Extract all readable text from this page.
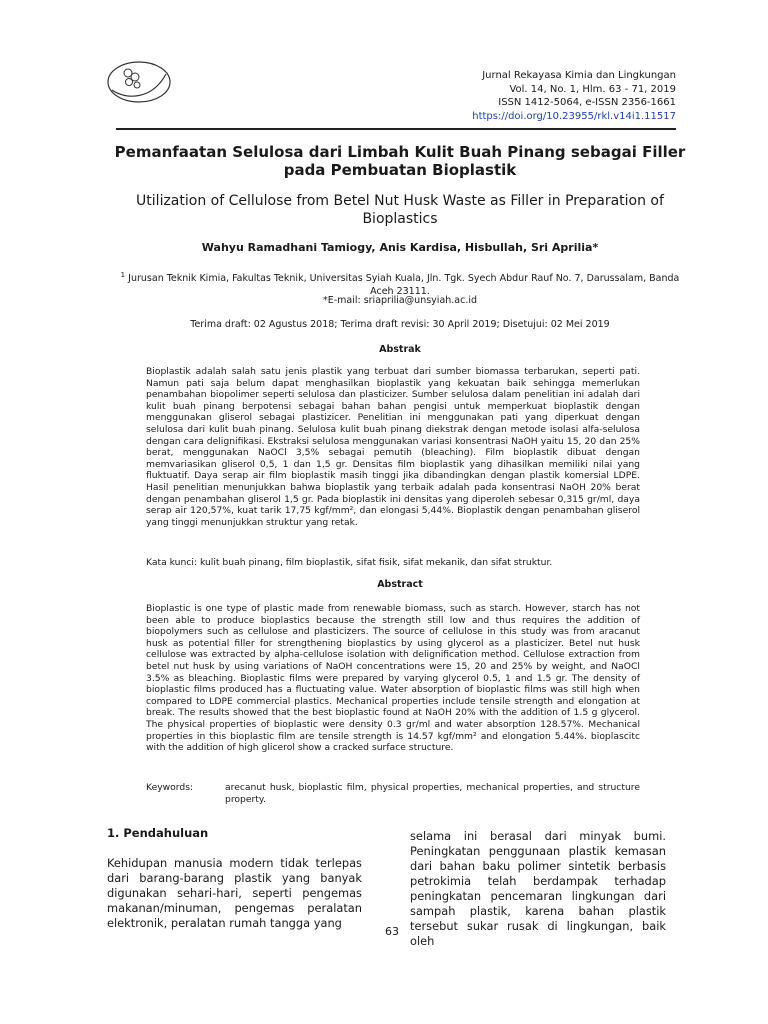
Jurnal Rekayasa Kimia dan Lingkungan
Vol. 14, No. 1, Hlm. 63 - 71, 2019
ISSN 1412-5064, e-ISSN 2356-1661
https://doi.org/10.23955/rkl.v14i1.11517
Pemanfaatan Selulosa dari Limbah Kulit Buah Pinang sebagai Filler pada Pembuatan Bioplastik
Utilization of Cellulose from Betel Nut Husk Waste as Filler in Preparation of Bioplastics
Wahyu Ramadhani Tamiogy, Anis Kardisa, Hisbullah, Sri Aprilia*
$^1$ Jurusan Teknik Kimia, Fakultas Teknik, Universitas Syiah Kuala, Jln. Tgk. Syech Abdur Rauf No. 7, Darussalam, Banda Aceh 23111.
*E-mail: sriaprilia@unsyiah.ac.id
Terima draft: 02 Agustus 2018; Terima draft revisi: 30 April 2019; Disetujui: 02 Mei 2019
Abstrak
Bioplastik adalah salah satu jenis plastik yang terbuat dari sumber biomassa terbarukan, seperti pati. Namun pati saja belum dapat menghasilkan bioplastik yang kekuatan baik sehingga memerlukan penambahan biopolimer seperti selulosa dan plasticizer. Sumber selulosa dalam penelitian ini adalah dari kulit buah pinang berpotensi sebagai bahan bahan pengisi untuk memperkuat bioplastik dengan menggunakan gliserol sebagai plastizicer. Penelitian ini menggunakan pati yang diperkuat dengan selulosa dari kulit buah pinang. Selulosa kulit buah pinang diekstrak dengan metode isolasi alfa-selulosa dengan cara delignifikasi. Ekstraksi selulosa menggunakan variasi konsentrasi NaOH yaitu 15, 20 dan 25% berat, menggunakan NaOCl 3,5% sebagai pemutih (bleaching). Film bioplastik dibuat dengan memvariasikan gliserol 0,5, 1 dan 1,5 gr. Densitas film bioplastik yang dihasilkan memiliki nilai yang fluktuatif. Daya serap air film bioplastik masih tinggi jika dibandingkan dengan plastik komersial LDPE. Hasil penelitian menunjukkan bahwa bioplastik yang terbaik adalah pada konsentrasi NaOH 20% berat dengan penambahan gliserol 1,5 gr. Pada bioplastik ini densitas yang diperoleh sebesar 0,315 gr/ml, daya serap air 120,57%, kuat tarik 17,75 kgf/mm², dan elongasi 5,44%. Bioplastik dengan penambahan gliserol yang tinggi menunjukkan struktur yang retak.
Kata kunci: kulit buah pinang, film bioplastik, sifat fisik, sifat mekanik, dan sifat struktur.
Abstract
Bioplastic is one type of plastic made from renewable biomass, such as starch. However, starch has not been able to produce bioplastics because the strength still low and thus requires the addition of biopolymers such as cellulose and plasticizers. The source of cellulose in this study was from aracanut husk as potential filler for strengthening bioplastics by using glycerol as a plasticizer. Betel nut husk cellulose was extracted by alpha-cellulose isolation with delignification method. Cellulose extraction from betel nut husk by using variations of NaOH concentrations were 15, 20 and 25% by weight, and NaOCl 3.5% as bleaching. Bioplastic films were prepared by varying glycerol 0.5, 1 and 1.5 gr. The density of bioplastic films produced has a fluctuating value. Water absorption of bioplastic films was still high when compared to LDPE commercial plastics. Mechanical properties include tensile strength and elongation at break. The results showed that the best bioplastic found at NaOH 20% with the addition of 1.5 g glycerol. The physical properties of bioplastic were density 0.3 gr/ml and water absorption 128.57%. Mechanical properties in this bioplastic film are tensile strength is 14.57 kgf/mm² and elongation 5.44%. bioplascitc with the addition of high glicerol show a cracked surface structure.
Keywords:	arecanut husk, bioplastic film, physical properties, mechanical properties, and structure property.
1. Pendahuluan
Kehidupan manusia modern tidak terlepas dari barang-barang plastik yang banyak digunakan sehari-hari, seperti pengemas makanan/minuman, pengemas peralatan elektronik, peralatan rumah tangga yang
selama ini berasal dari minyak bumi. Peningkatan penggunaan plastik kemasan dari bahan baku polimer sintetik berbasis petrokimia telah berdampak terhadap peningkatan pencemaran lingkungan dari sampah plastik, karena bahan plastik tersebut sukar rusak di lingkungan, baik oleh
63
